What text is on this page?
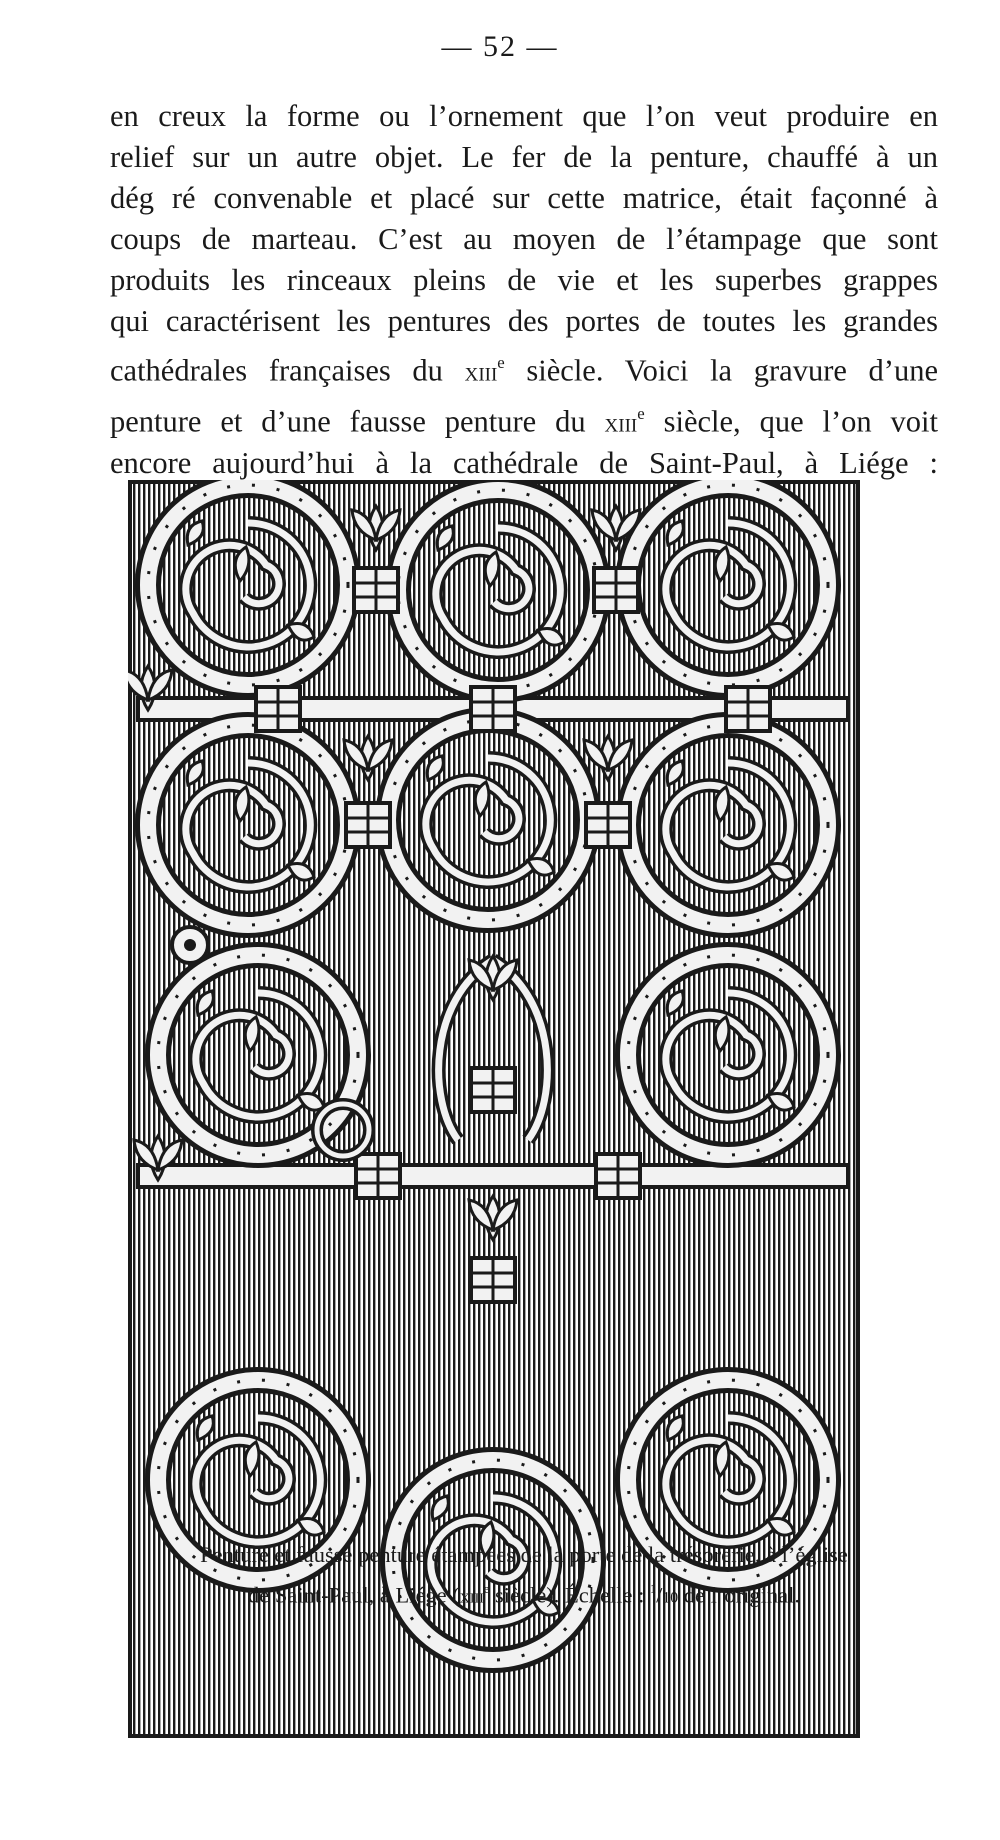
— 52 —
en creux la forme ou l’ornement que l’on veut produire en
relief sur un autre objet. Le fer de la penture, chauffé à un
dég ré convenable et placé sur cette matrice, était façonné à
coups de marteau. C’est au moyen de l’étampage que sont
produits les rinceaux pleins de vie et les superbes grappes
qui caractérisent les pentures des portes de toutes les grandes
cathédrales françaises du xiii$^e$ siècle. Voici la gravure d’une
penture et d’une fausse penture du xiii$^e$ siècle, que l’on voit
encore aujourd’hui à la cathédrale de Saint-Paul, à Liége :
Penture et fausse penture étampées de la porte de la trésorerie, à l’église
de Saint-Paul, à Liége (xiii$^e$ siècle). Échelle : $^1$/10 de l’original.
